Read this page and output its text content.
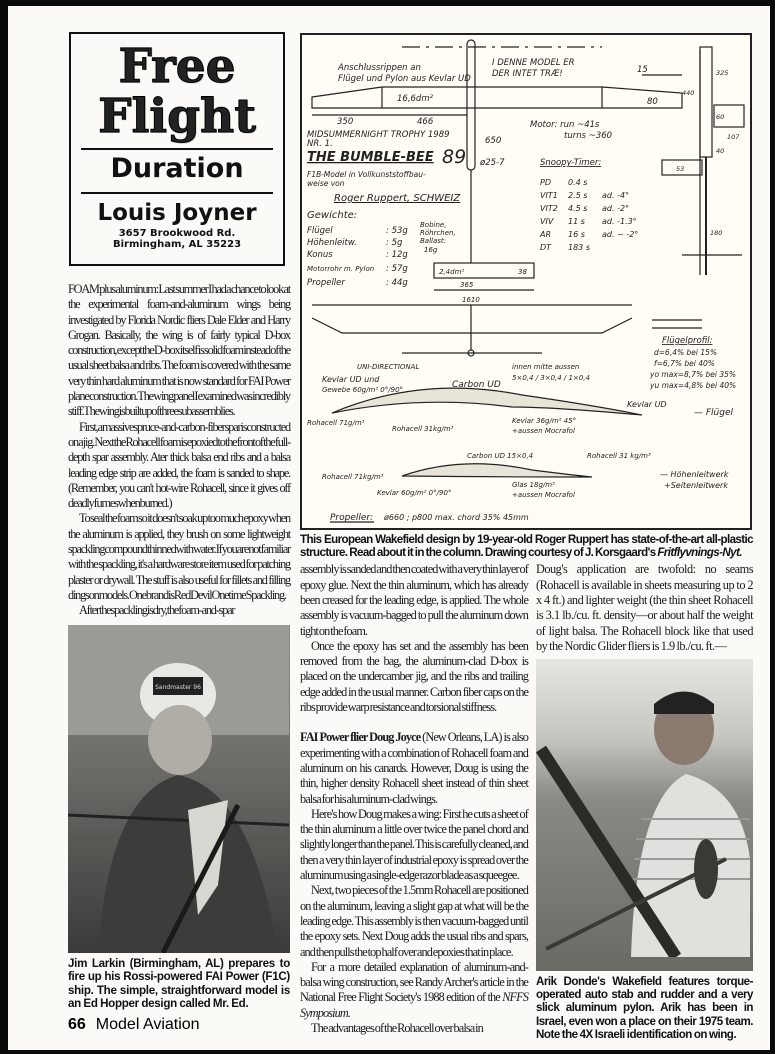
Free
Flight
Duration
Louis Joyner
3657 Brookwood Rd.
Birmingham, AL 35223
Anschlussrippen an
Flügel und Pylon aus Kevlar UD
I DENNE MODEL ER
DER INTET TRÆ!
16,6dm²
350	466
650
15
80
MIDSUMMERNIGHT TROPHY 1989
NR. 1.
THE BUMBLE-BEE 89
Motor: run ~41s
turns ~360
ø25-7
F1B-Model in Vollkunststoffbau-
weise von
Roger Ruppert, SCHWEIZ
Gewichte:
Flügel	: 53g
Höhenleitw.	: 5g
Konus	: 12g
Motorrohr m. Pylon : 57g
Propeller	: 44g
Bobine,
Röhrchen,
Ballast:
16g
Snoopy-Timer:
PD 0.4 s
VIT1 2.5 s ad. -4°
VIT2 4.5 s ad. -2°
VIV 11 s ad. -1.3°
AR 16 s ad. ~ -2°
DT 183 s
2,4dm²	38
365
1610
440
325
60
107
40
53
180
Flügelprofil:
d=6,4% bei 15%
f=6,7% bei 40%
yo max=8,7% bei 35%
yu max=4,8% bei 40%
UNI-DIRECTIONAL
Kevlar UD und
Gewebe 60g/m² 0°/90°	Carbon UD
innen mitte aussen
5×0,4 / 3×0,4 / 1×0,4
Rohacell 71g/m³
Rohacell 31kg/m³
Kevlar 36g/m² 45°
+aussen Mocrafol
Kevlar UD
— Flügel
Carbon UD 15×0,4	Rohacell 31 kg/m³
Rohacell 71kg/m³
Kevlar 60g/m² 0°/90°
Glas 18g/m²
+aussen Mocrafol
— Höhenleitwerk
+Seitenleitwerk
Propeller: ø660 ; p800 max. chord 35% 45mm

FOAM plus aluminum: Last summer I had a chance to look at the experimental foam-and-aluminum wings being investigated by Florida Nordic fliers Dale Elder and Harry Grogan. Basically, the wing is of fairly typical D-box construction, except the D-box itself is solid foam instead of the usual sheet balsa and ribs. The foam is covered with the same very thin hard aluminum that is now standard for FAI Power plane construction. The wing panel I examined was incredibly stiff. The wing is built up of three subassemblies.

First, a massive spruce-and-carbon-fiber spar is constructed on a jig. Next the Rohacell foam is epoxied to the front of the full-depth spar assembly. Ater thick balsa end ribs and a balsa leading edge strip are added, the foam is sanded to shape. (Remember, you can't hot-wire Rohacell, since it gives off deadly fumes when burned.)

To seal the foam so it doesn't soak up too much epoxy when the aluminum is applied, they brush on some lightweight spackling compound thinned with water. If you are not familiar with the spackling, it's a hardware store item used for patching plaster or drywall. The stuff is also useful for fillets and filling dings on models. One brand is Red Devil Onetime Spackling.

After the spackling is dry, the foam-and-spar

Sandmaster 96
Jim Larkin (Birmingham, AL) prepares to fire up his Rossi-powered FAI Power (F1C) ship. The simple, straightforward model is an Ed Hopper design called Mr. Ed.
This European Wakefield design by 19-year-old Roger Ruppert has state-of-the-art all-plastic structure. Read about it in the column. Drawing courtesy of J. Korsgaard's Fritflyvnings-Nyt.

assembly is sanded and then coated with a very thin layer of epoxy glue. Next the thin aluminum, which has already been creased for the leading edge, is applied. The whole assembly is vacuum-bagged to pull the aluminum down tight on the foam.

Once the epoxy has set and the assembly has been removed from the bag, the aluminum-clad D-box is placed on the undercamber jig, and the ribs and trailing edge added in the usual manner. Carbon fiber caps on the ribs provide warp resistance and torsional stiffness.

FAI Power flier Doug Joyce (New Orleans, LA) is also experimenting with a combination of Rohacell foam and aluminum on his canards. However, Doug is using the thin, higher density Rohacell sheet instead of thin sheet balsa for his aluminum-clad wings.

Here's how Doug makes a wing: First he cuts a sheet of the thin aluminum a little over twice the panel chord and slightly longer than the panel. This is carefully cleaned, and then a very thin layer of industrial epoxy is spread over the aluminum using a single-edge razor blade as a squeegee.

Next, two pieces of the 1.5mm Rohacell are positioned on the aluminum, leaving a slight gap at what will be the leading edge. This assembly is then vacuum-bagged until the epoxy sets. Next Doug adds the usual ribs and spars, and then pulls the top half over and epoxies that in place.

For a more detailed explanation of aluminum-and-balsa wing construction, see Randy Archer's article in the National Free Flight Society's 1988 edition of the NFFS Symposium.

The advantages of the Rohacell over balsa in

Doug's application are twofold: no seams (Rohacell is available in sheets measuring up to 2 x 4 ft.) and lighter weight (the thin sheet Rohacell is 3.1 lb./cu. ft. density—or about half the weight of light balsa. The Rohacell block like that used by the Nordic Glider fliers is 1.9 lb./cu. ft.—

Arik Donde's Wakefield features torque-operated auto stab and rudder and a very slick aluminum pylon. Arik has been in Israel, even won a place on their 1975 team. Note the 4X Israeli identification on wing.
66 Model Aviation
